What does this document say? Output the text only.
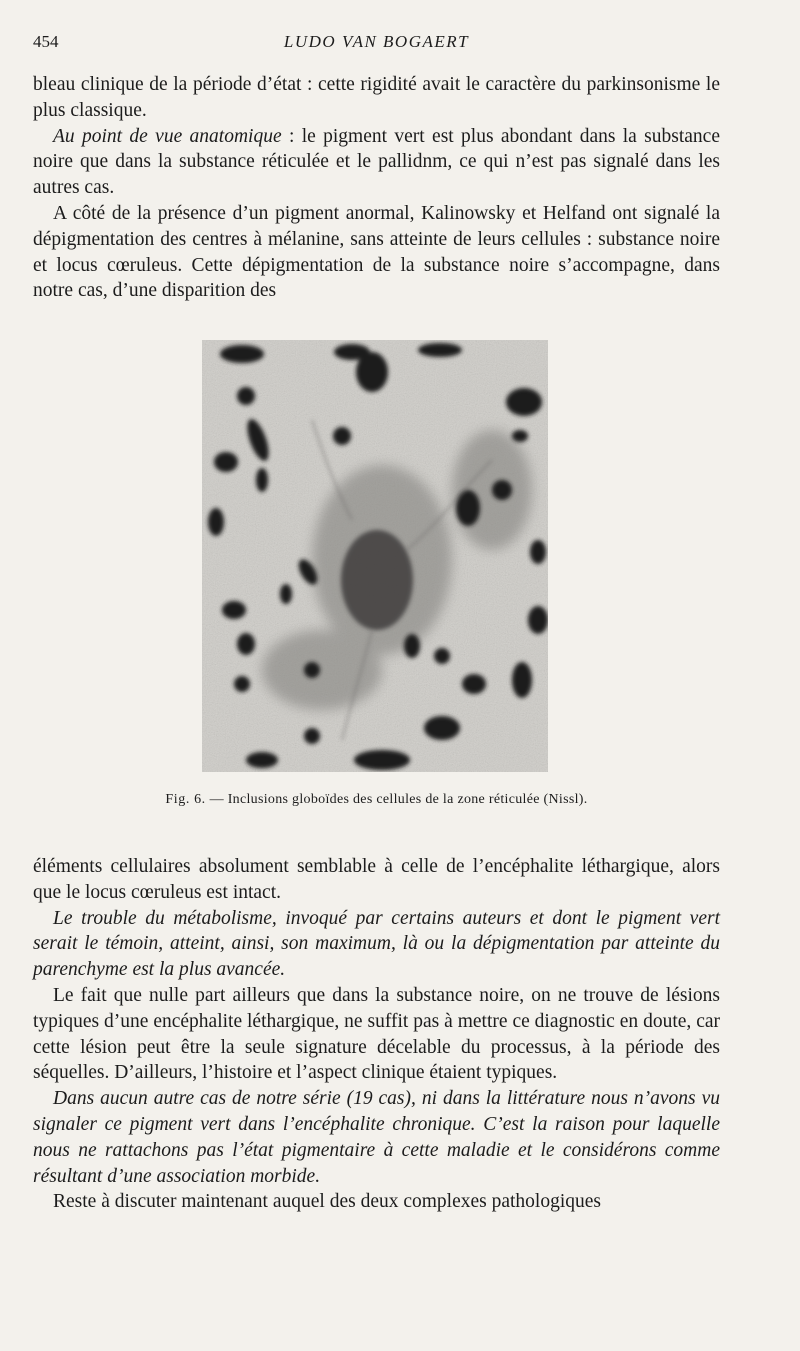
454	LUDO VAN BOGAERT

bleau clinique de la période d’état : cette rigidité avait le caractère du parkinsonisme le plus classique.

Au point de vue anatomique : le pigment vert est plus abondant dans la substance noire que dans la substance réticulée et le pallidnm, ce qui n’est pas signalé dans les autres cas.

A côté de la présence d’un pigment anormal, Kalinowsky et Helfand ont signalé la dépigmentation des centres à mélanine, sans atteinte de leurs cellules : substance noire et locus cœruleus. Cette dépigmentation de la substance noire s’accompagne, dans notre cas, d’une disparition des

Fig. 6. — Inclusions globoïdes des cellules de la zone réticulée (Nissl).

éléments cellulaires absolument semblable à celle de l’encéphalite léthargique, alors que le locus cœruleus est intact.

Le trouble du métabolisme, invoqué par certains auteurs et dont le pigment vert serait le témoin, atteint, ainsi, son maximum, là ou la dépigmentation par atteinte du parenchyme est la plus avancée.

Le fait que nulle part ailleurs que dans la substance noire, on ne trouve de lésions typiques d’une encéphalite léthargique, ne suffit pas à mettre ce diagnostic en doute, car cette lésion peut être la seule signature décelable du processus, à la période des séquelles. D’ailleurs, l’histoire et l’aspect clinique étaient typiques.

Dans aucun autre cas de notre série (19 cas), ni dans la littérature nous n’avons vu signaler ce pigment vert dans l’encéphalite chronique. C’est la raison pour laquelle nous ne rattachons pas l’état pigmentaire à cette maladie et le considérons comme résultant d’une association morbide.

Reste à discuter maintenant auquel des deux complexes pathologiques
